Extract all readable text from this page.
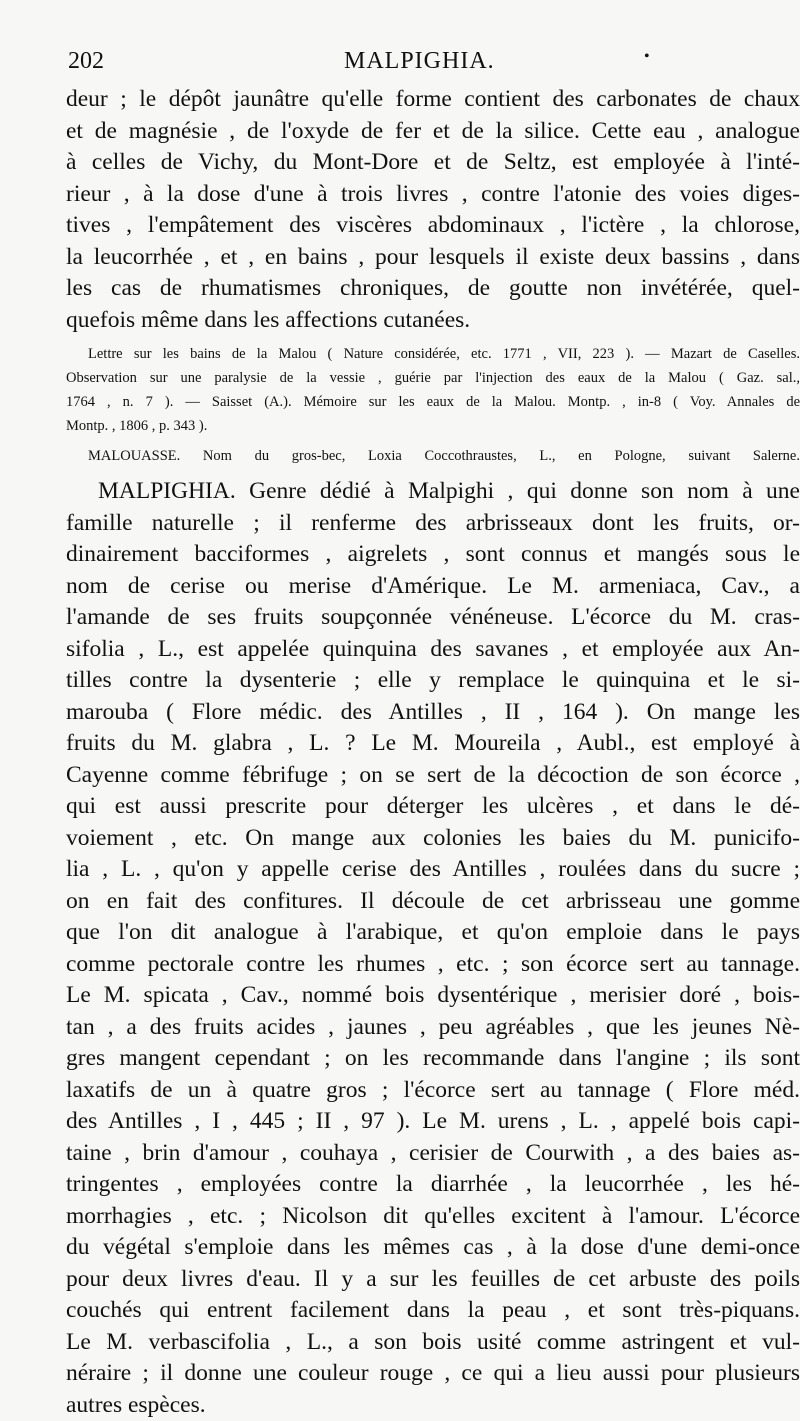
202	MALPIGHIA.	•
deur ; le dépôt jaunâtre qu'elle forme contient des carbonates de chaux
et de magnésie , de l'oxyde de fer et de la silice. Cette eau , analogue
à celles de Vichy, du Mont-Dore et de Seltz, est employée à l'inté-
rieur , à la dose d'une à trois livres , contre l'atonie des voies diges-
tives , l'empâtement des viscères abdominaux , l'ictère , la chlorose,
la leucorrhée , et , en bains , pour lesquels il existe deux bassins , dans
les cas de rhumatismes chroniques, de goutte non invétérée, quel-
quefois même dans les affections cutanées.
Lettre sur les bains de la Malou ( Nature considérée, etc. 1771 , VII, 223 ). — Mazart de Caselles.
Observation sur une paralysie de la vessie , guérie par l'injection des eaux de la Malou ( Gaz. sal.,
1764 , n. 7 ). — Saisset (A.). Mémoire sur les eaux de la Malou. Montp. , in-8 ( Voy. Annales de
Montp. , 1806 , p. 343 ).
MALOUASSE. Nom du gros-bec, Loxia Coccothraustes, L., en Pologne, suivant Salerne.
MALPIGHIA. Genre dédié à Malpighi , qui donne son nom à une
famille naturelle ; il renferme des arbrisseaux dont les fruits, or-
dinairement bacciformes , aigrelets , sont connus et mangés sous le
nom de cerise ou merise d'Amérique. Le M. armeniaca, Cav., a
l'amande de ses fruits soupçonnée vénéneuse. L'écorce du M. cras-
sifolia , L., est appelée quinquina des savanes , et employée aux An-
tilles contre la dysenterie ; elle y remplace le quinquina et le si-
marouba ( Flore médic. des Antilles , II , 164 ). On mange les
fruits du M. glabra , L. ? Le M. Moureila , Aubl., est employé à
Cayenne comme fébrifuge ; on se sert de la décoction de son écorce ,
qui est aussi prescrite pour déterger les ulcères , et dans le dé-
voiement , etc. On mange aux colonies les baies du M. punicifo-
lia , L. , qu'on y appelle cerise des Antilles , roulées dans du sucre ;
on en fait des confitures. Il découle de cet arbrisseau une gomme
que l'on dit analogue à l'arabique, et qu'on emploie dans le pays
comme pectorale contre les rhumes , etc. ; son écorce sert au tannage.
Le M. spicata , Cav., nommé bois dysentérique , merisier doré , bois-
tan , a des fruits acides , jaunes , peu agréables , que les jeunes Nè-
gres mangent cependant ; on les recommande dans l'angine ; ils sont
laxatifs de un à quatre gros ; l'écorce sert au tannage ( Flore méd.
des Antilles , I , 445 ; II , 97 ). Le M. urens , L. , appelé bois capi-
taine , brin d'amour , couhaya , cerisier de Courwith , a des baies as-
tringentes , employées contre la diarrhée , la leucorrhée , les hé-
morrhagies , etc. ; Nicolson dit qu'elles excitent à l'amour. L'écorce
du végétal s'emploie dans les mêmes cas , à la dose d'une demi-once
pour deux livres d'eau. Il y a sur les feuilles de cet arbuste des poils
couchés qui entrent facilement dans la peau , et sont très-piquans.
Le M. verbascifolia , L., a son bois usité comme astringent et vul-
néraire ; il donne une couleur rouge , ce qui a lieu aussi pour plusieurs
autres espèces.
